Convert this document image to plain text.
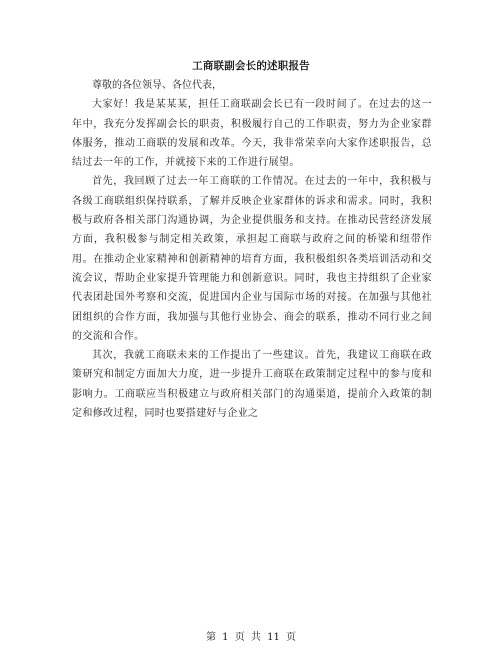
工商联副会长的述职报告

尊敬的各位领导、各位代表，

大家好！我是某某某，担任工商联副会长已有一段时间了。在过去的这一年中，我充分发挥副会长的职责，积极履行自己的工作职责，努力为企业家群体服务，推动工商联的发展和改革。今天，我非常荣幸向大家作述职报告，总结过去一年的工作，并就接下来的工作进行展望。

首先，我回顾了过去一年工商联的工作情况。在过去的一年中，我积极与各级工商联组织保持联系，了解并反映企业家群体的诉求和需求。同时，我积极与政府各相关部门沟通协调，为企业提供服务和支持。在推动民营经济发展方面，我积极参与制定相关政策，承担起工商联与政府之间的桥梁和纽带作用。在推动企业家精神和创新精神的培育方面，我积极组织各类培训活动和交流会议，帮助企业家提升管理能力和创新意识。同时，我也主持组织了企业家代表团赴国外考察和交流，促进国内企业与国际市场的对接。在加强与其他社团组织的合作方面，我加强与其他行业协会、商会的联系，推动不同行业之间的交流和合作。

其次，我就工商联未来的工作提出了一些建议。首先，我建议工商联在政策研究和制定方面加大力度，进一步提升工商联在政策制定过程中的参与度和影响力。工商联应当积极建立与政府相关部门的沟通渠道，提前介入政策的制定和修改过程，同时也要搭建好与企业之

第 1 页 共 11 页
